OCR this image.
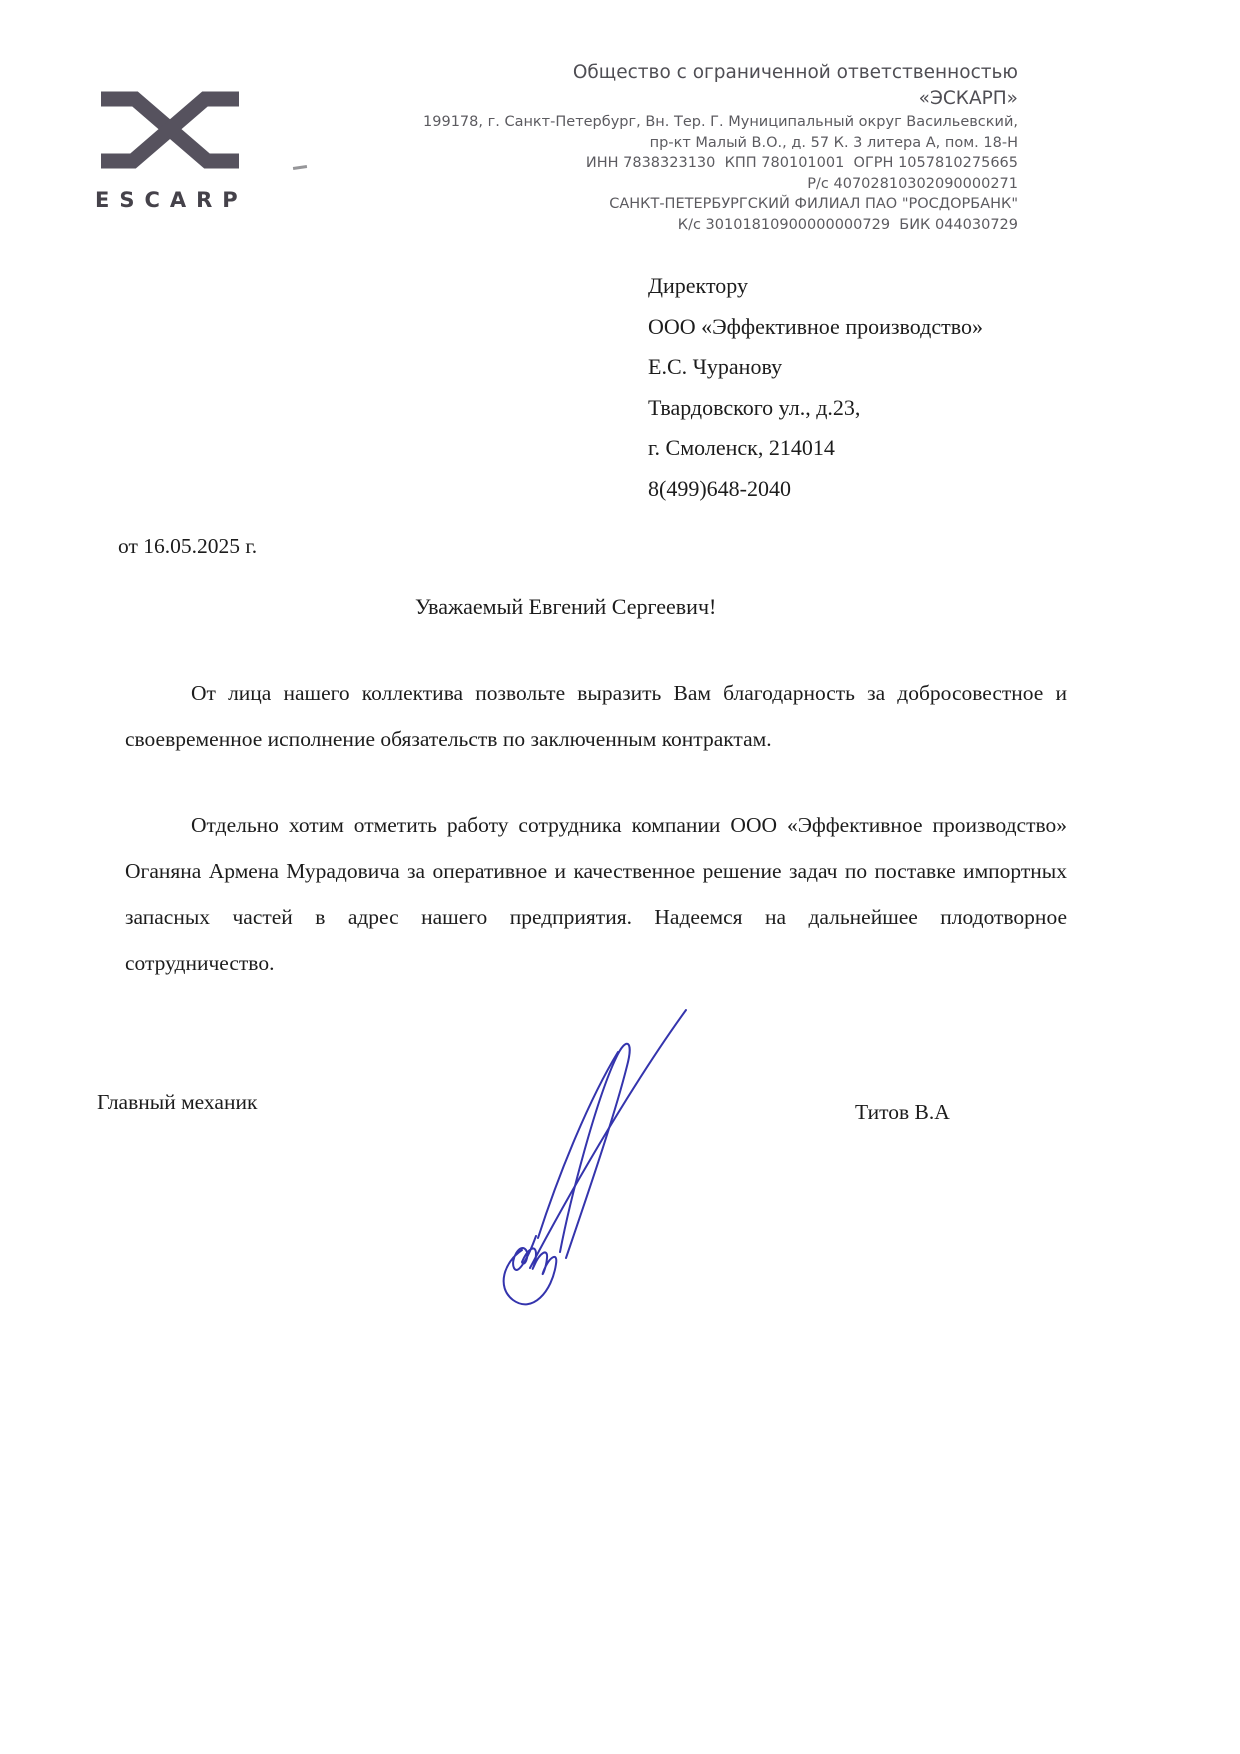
ESCARP
Общество с ограниченной ответственностью
«ЭСКАРП»
199178, г. Санкт-Петербург, Вн. Тер. Г. Муниципальный округ Васильевский,
пр-кт Малый В.О., д. 57 К. 3 литера А, пом. 18-Н
ИНН 7838323130  КПП 780101001  ОГРН 1057810275665
Р/с 40702810302090000271
САНКТ-ПЕТЕРБУРГСКИЙ ФИЛИАЛ ПАО "РОСДОРБАНК"
К/с 30101810900000000729  БИК 044030729
Директору
ООО «Эффективное производство»
Е.С. Чуранову
Твардовского ул., д.23,
г. Смоленск, 214014
8(499)648-2040
от 16.05.2025 г.
Уважаемый Евгений Сергеевич!

От лица нашего коллектива позвольте выразить Вам благодарность за добросовестное и своевременное исполнение обязательств по заключенным контрактам.

Отдельно хотим отметить работу сотрудника компании ООО «Эффективное производство» Оганяна Армена Мурадовича за оперативное и качественное решение задач по поставке импортных запасных частей в адрес нашего предприятия. Надеемся на дальнейшее плодотворное сотрудничество.

Главный механик	Титов В.А
